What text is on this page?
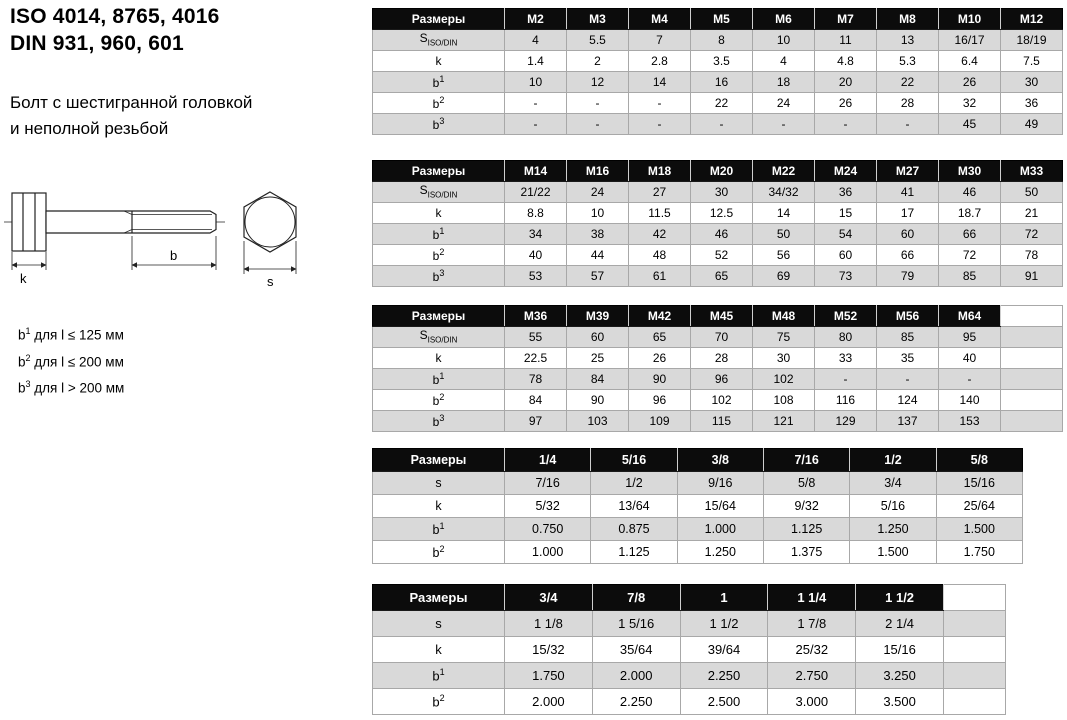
ISO 4014, 8765, 4016
DIN 931, 960, 601
Болт с шестигранной головкой
и неполной резьбой
k
b
s
$b^1$ для l ≤ 125 мм
$b^2$ для l ≤ 200 мм
$b^3$ для l > 200 мм
Размеры	M2	M3	M4	M5	M6	M7	M8	M10	M12
$S_{ISO/DIN}$	4	5.5	7	8	10	11	13	16/17	18/19
k	1.4	2	2.8	3.5	4	4.8	5.3	6.4	7.5
$b^1$	10	12	14	16	18	20	22	26	30
$b^2$	-	-	-	22	24	26	28	32	36
$b^3$	-	-	-	-	-	-	-	45	49
Размеры	M14	M16	M18	M20	M22	M24	M27	M30	M33
$S_{ISO/DIN}$	21/22	24	27	30	34/32	36	41	46	50
k	8.8	10	11.5	12.5	14	15	17	18.7	21
$b^1$	34	38	42	46	50	54	60	66	72
$b^2$	40	44	48	52	56	60	66	72	78
$b^3$	53	57	61	65	69	73	79	85	91
Размеры	M36	M39	M42	M45	M48	M52	M56	M64	
$S_{ISO/DIN}$	55	60	65	70	75	80	85	95	
k	22.5	25	26	28	30	33	35	40	
$b^1$	78	84	90	96	102	-	-	-	
$b^2$	84	90	96	102	108	116	124	140	
$b^3$	97	103	109	115	121	129	137	153	
Размеры	1/4	5/16	3/8	7/16	1/2	5/8
s	7/16	1/2	9/16	5/8	3/4	15/16
k	5/32	13/64	15/64	9/32	5/16	25/64
$b^1$	0.750	0.875	1.000	1.125	1.250	1.500
$b^2$	1.000	1.125	1.250	1.375	1.500	1.750
Размеры	3/4	7/8	1	1 1/4	1 1/2	
s	1 1/8	1 5/16	1 1/2	1 7/8	2 1/4	
k	15/32	35/64	39/64	25/32	15/16	
$b^1$	1.750	2.000	2.250	2.750	3.250	
$b^2$	2.000	2.250	2.500	3.000	3.500	
